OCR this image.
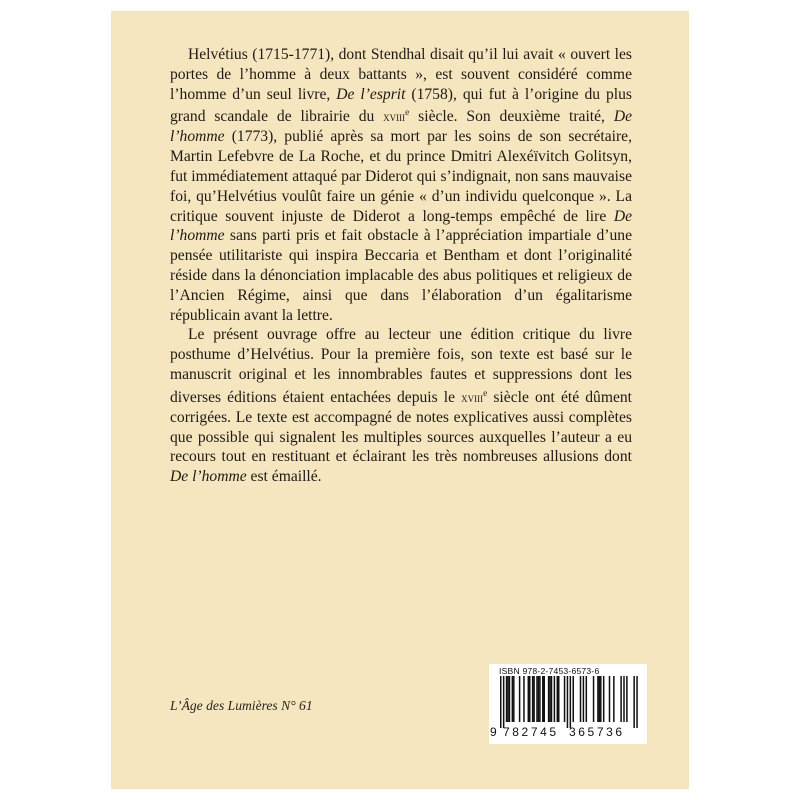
Helvétius (1715-1771), dont Stendhal disait qu’il lui avait « ouvert les portes de l’homme à deux battants », est souvent considéré comme l’homme d’un seul livre, De l’esprit (1758), qui fut à l’origine du plus grand scandale de librairie du xviii$^e$ siècle. Son deuxième traité, De l’homme (1773), publié après sa mort par les soins de son secrétaire, Martin Lefebvre de La Roche, et du prince Dmitri Alexéïvitch Golitsyn, fut immédiatement attaqué par Diderot qui s’indignait, non sans mauvaise foi, qu’Helvétius voulût faire un génie « d’un individu quelconque ». La critique souvent injuste de Diderot a long-temps empêché de lire De l’homme sans parti pris et fait obstacle à l’appréciation impartiale d’une pensée utilitariste qui inspira Beccaria et Bentham et dont l’originalité réside dans la dénonciation implacable des abus politiques et religieux de l’Ancien Régime, ainsi que dans l’élaboration d’un égalitarisme républicain avant la lettre.

Le présent ouvrage offre au lecteur une édition critique du livre posthume d’Helvétius. Pour la première fois, son texte est basé sur le manuscrit original et les innombrables fautes et suppressions dont les diverses éditions étaient entachées depuis le xviii$^e$ siècle ont été dûment corrigées. Le texte est accompagné de notes explicatives aussi complètes que possible qui signalent les multiples sources auxquelles l’auteur a eu recours tout en restituant et éclairant les très nombreuses allusions dont De l’homme est émaillé.

L’Âge des Lumières N° 61
ISBN 978-2-7453-6573-6
9 782745 365736
